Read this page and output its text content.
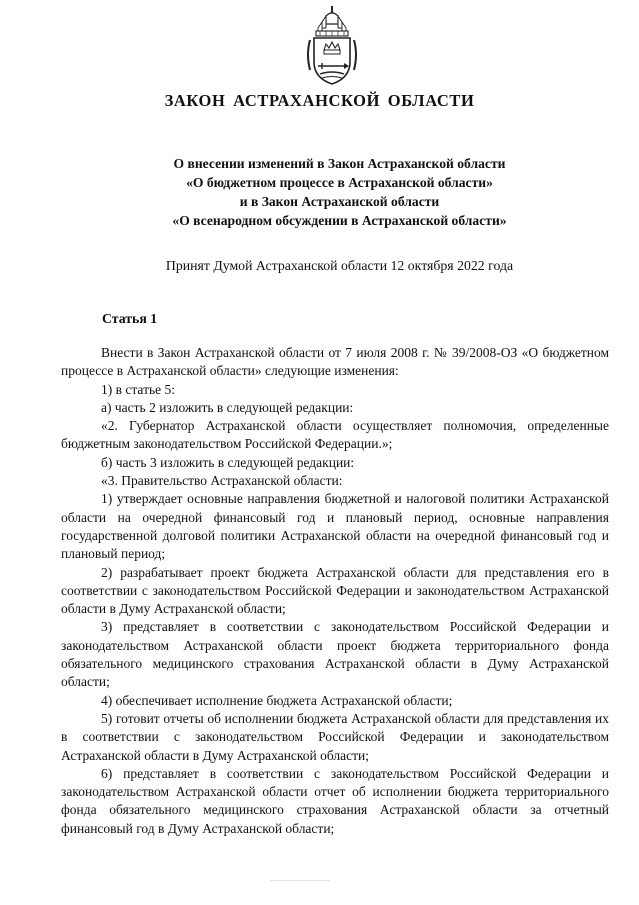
ЗАКОН АСТРАХАНСКОЙ ОБЛАСТИ
О внесении изменений в Закон Астраханской области
«О бюджетном процессе в Астраханской области»
и в Закон Астраханской области
«О всенародном обсуждении в Астраханской области»
Принят Думой Астраханской области 12 октября 2022 года
Статья 1

Внести в Закон Астраханской области от 7 июля 2008 г. № 39/2008-ОЗ «О бюджетном процессе в Астраханской области» следующие изменения:

1) в статье 5:

а) часть 2 изложить в следующей редакции:

«2. Губернатор Астраханской области осуществляет полномочия, определенные бюджетным законодательством Российской Федерации.»;

б) часть 3 изложить в следующей редакции:

«3. Правительство Астраханской области:

1) утверждает основные направления бюджетной и налоговой политики Астраханской области на очередной финансовый год и плановый период, основные направления государственной долговой политики Астраханской области на очередной финансовый год и плановый период;

2) разрабатывает проект бюджета Астраханской области для представления его в соответствии с законодательством Российской Федерации и законодательством Астраханской области в Думу Астраханской области;

3) представляет в соответствии с законодательством Российской Федерации и законодательством Астраханской области проект бюджета территориального фонда обязательного медицинского страхования Астраханской области в Думу Астраханской области;

4) обеспечивает исполнение бюджета Астраханской области;

5) готовит отчеты об исполнении бюджета Астраханской области для представления их в соответствии с законодательством Российской Федерации и законодательством Астраханской области в Думу Астраханской области;

6) представляет в соответствии с законодательством Российской Федерации и законодательством Астраханской области отчет об исполнении бюджета территориального фонда обязательного медицинского страхования Астраханской области за отчетный финансовый год в Думу Астраханской области;
